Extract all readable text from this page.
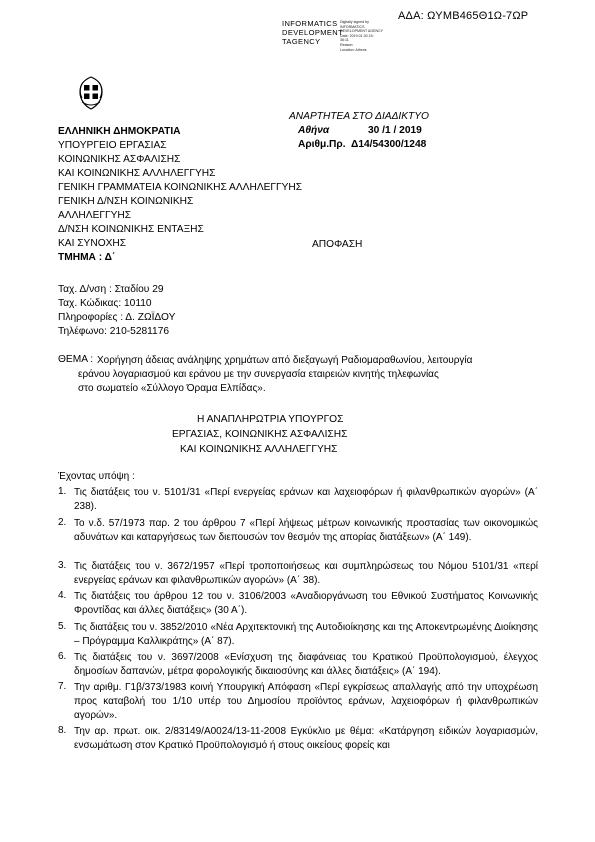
ΑΔΑ: ΩΥΜΒ465Θ1Ω-7ΩΡ
INFORMATICS
DEVELOPMENT
TAGENCY
Digitally signed by
INFORMATICS
DEVELOPMENT AGENCY
Date: 2019.01.30 15:
36:11
Reason:
Location: Athens
ΑΝΑΡΤΗΤΕΑ ΣΤΟ ΔΙΑΔΙΚΤΥΟ
Αθήνα	30 /1 / 2019
Αριθμ.Πρ. Δ14/54300/1248
ΑΠΟΦΑΣΗ
ΕΛΛΗΝΙΚΗ ΔΗΜΟΚΡΑΤΙΑ
ΥΠΟΥΡΓΕΙΟ ΕΡΓΑΣΙΑΣ
ΚΟΙΝΩΝΙΚΗΣ ΑΣΦΑΛΙΣΗΣ
ΚΑΙ ΚΟΙΝΩΝΙΚΗΣ ΑΛΛΗΛΕΓΓΥΗΣ
ΓΕΝΙΚΗ ΓΡΑΜΜΑΤΕΙΑ ΚΟΙΝΩΝΙΚΗΣ ΑΛΛΗΛΕΓΓΥΗΣ
ΓΕΝΙΚΗ Δ/ΝΣΗ ΚΟΙΝΩΝΙΚΗΣ
ΑΛΛΗΛΕΓΓΥΗΣ
Δ/ΝΣΗ ΚΟΙΝΩΝΙΚΗΣ ΕΝΤΑΞΗΣ
ΚΑΙ ΣΥΝΟΧΗΣ
ΤΜΗΜΑ : Δ΄
Ταχ. Δ/νση : Σταδίου 29
Ταχ. Κώδικας: 10110
Πληροφορίες : Δ. ΖΩΪΔΟΥ
Τηλέφωνο: 210-5281176
ΘΕΜΑ : Χορήγηση άδειας ανάληψης χρημάτων από διεξαγωγή Ραδιομαραθωνίου, λειτουργία
εράνου λογαριασμού και εράνου με την συνεργασία εταιρειών κινητής τηλεφωνίας
στο σωματείο «Σύλλογο Όραμα Ελπίδας».
Η ΑΝΑΠΛΗΡΩΤΡΙΑ ΥΠΟΥΡΓΟΣ
ΕΡΓΑΣΙΑΣ, ΚΟΙΝΩΝΙΚΗΣ ΑΣΦΑΛΙΣΗΣ
ΚΑΙ ΚΟΙΝΩΝΙΚΗΣ ΑΛΛΗΛΕΓΓΥΗΣ
Έχοντας υπόψη :
1. Τις διατάξεις του ν. 5101/31 «Περί ενεργείας εράνων και λαχειοφόρων ή φιλανθρωπικών αγορών» (Α΄ 238).
2. Το ν.δ. 57/1973 παρ. 2 του άρθρου 7 «Περί λήψεως μέτρων κοινωνικής προστασίας των οικονομικώς αδυνάτων και καταργήσεως των διεπουσών τον θεσμόν της απορίας διατάξεων» (Α΄ 149).
3. Τις διατάξεις του ν. 3672/1957 «Περί τροποποιήσεως και συμπληρώσεως του Νόμου 5101/31 «περί ενεργείας εράνων και φιλανθρωπικών αγορών» (Α΄ 38).
4. Τις διατάξεις του άρθρου 12 του ν. 3106/2003 «Αναδιοργάνωση του Εθνικού Συστήματος Κοινωνικής Φροντίδας και άλλες διατάξεις» (30 Α΄).
5. Τις διατάξεις του ν. 3852/2010 «Νέα Αρχιτεκτονική της Αυτοδιοίκησης και της Αποκεντρωμένης Διοίκησης – Πρόγραμμα Καλλικράτης» (Α΄ 87).
6. Τις διατάξεις του ν. 3697/2008 «Ενίσχυση της διαφάνειας του Κρατικού Προϋπολογισμού, έλεγχος δημοσίων δαπανών, μέτρα φορολογικής δικαιοσύνης και άλλες διατάξεις» (Α΄ 194).
7. Την αριθμ. Γ1β/373/1983 κοινή Υπουργική Απόφαση «Περί εγκρίσεως απαλλαγής από την υποχρέωση προς καταβολή του 1/10 υπέρ του Δημοσίου προϊόντος εράνων, λαχειοφόρων ή φιλανθρωπικών αγορών».
8. Την αρ. πρωτ. οικ. 2/83149/Α0024/13-11-2008 Εγκύκλιο με θέμα: «Κατάργηση ειδικών λογαριασμών, ενσωμάτωση στον Κρατικό Προϋπολογισμό ή στους οικείους φορείς και
